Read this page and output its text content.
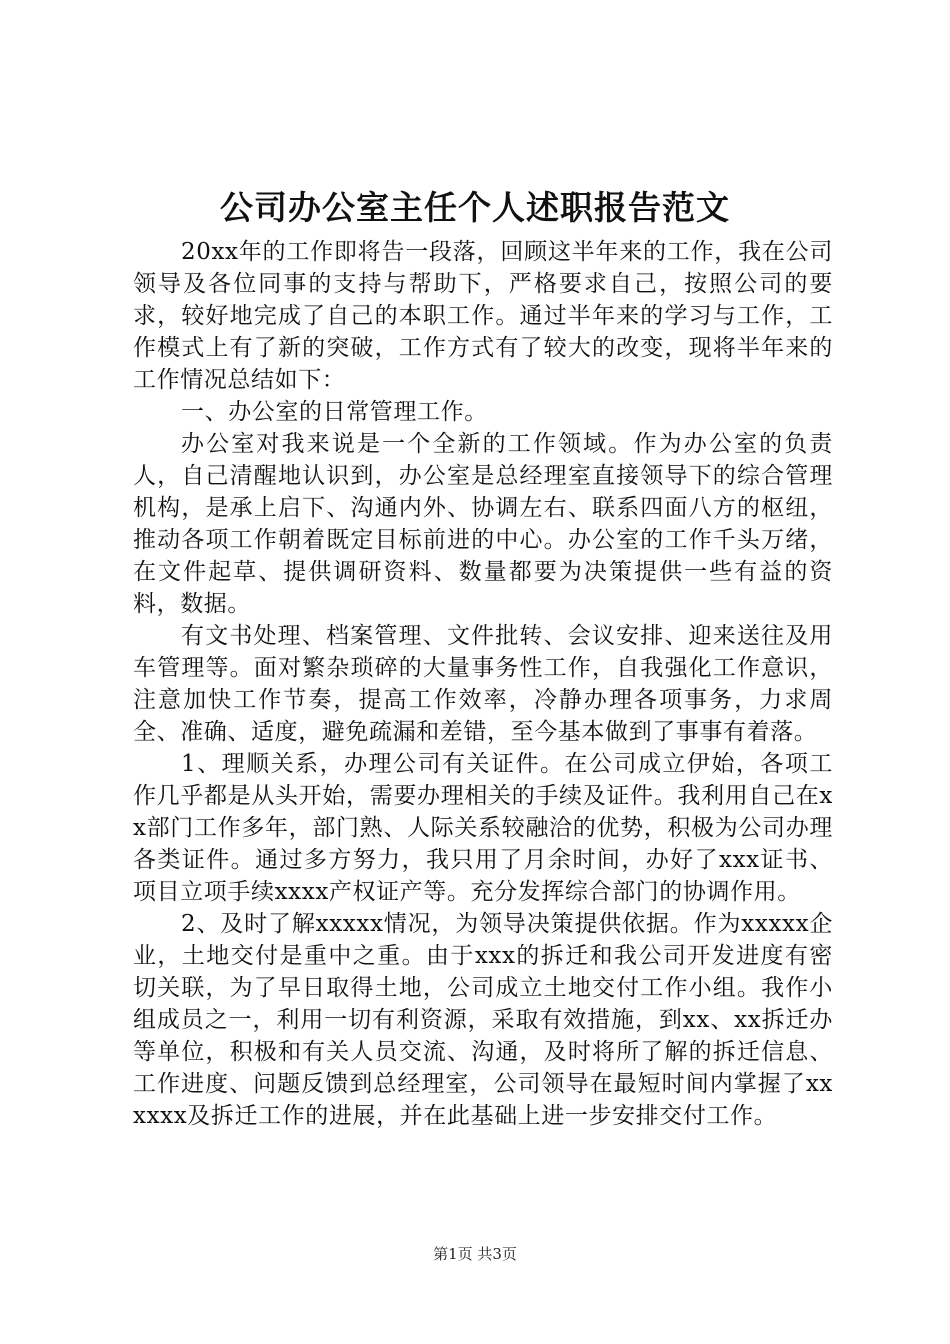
公司办公室主任个人述职报告范文

20xx年的工作即将告一段落，回顾这半年来的工作，我在公司领导及各位同事的支持与帮助下，严格要求自己，按照公司的要求，较好地完成了自己的本职工作。通过半年来的学习与工作，工作模式上有了新的突破，工作方式有了较大的改变，现将半年来的工作情况总结如下：

一、办公室的日常管理工作。

办公室对我来说是一个全新的工作领域。作为办公室的负责人，自己清醒地认识到，办公室是总经理室直接领导下的综合管理机构，是承上启下、沟通内外、协调左右、联系四面八方的枢纽，推动各项工作朝着既定目标前进的中心。办公室的工作千头万绪，在文件起草、提供调研资料、数量都要为决策提供一些有益的资料，数据。

有文书处理、档案管理、文件批转、会议安排、迎来送往及用车管理等。面对繁杂琐碎的大量事务性工作，自我强化工作意识，注意加快工作节奏，提高工作效率，冷静办理各项事务，力求周全、准确、适度，避免疏漏和差错，至今基本做到了事事有着落。

1、理顺关系，办理公司有关证件。在公司成立伊始，各项工作几乎都是从头开始，需要办理相关的手续及证件。我利用自己在xx部门工作多年，部门熟、人际关系较融洽的优势，积极为公司办理各类证件。通过多方努力，我只用了月余时间，办好了xxx证书、项目立项手续xxxx产权证产等。充分发挥综合部门的协调作用。

2、及时了解xxxxx情况，为领导决策提供依据。作为xxxxx企业，土地交付是重中之重。由于xxx的拆迁和我公司开发进度有密切关联，为了早日取得土地，公司成立土地交付工作小组。我作小组成员之一，利用一切有利资源，采取有效措施，到xx、xx拆迁办等单位，积极和有关人员交流、沟通，及时将所了解的拆迁信息、工作进度、问题反馈到总经理室，公司领导在最短时间内掌握了xxxxxx及拆迁工作的进展，并在此基础上进一步安排交付工作。

第1页 共3页
